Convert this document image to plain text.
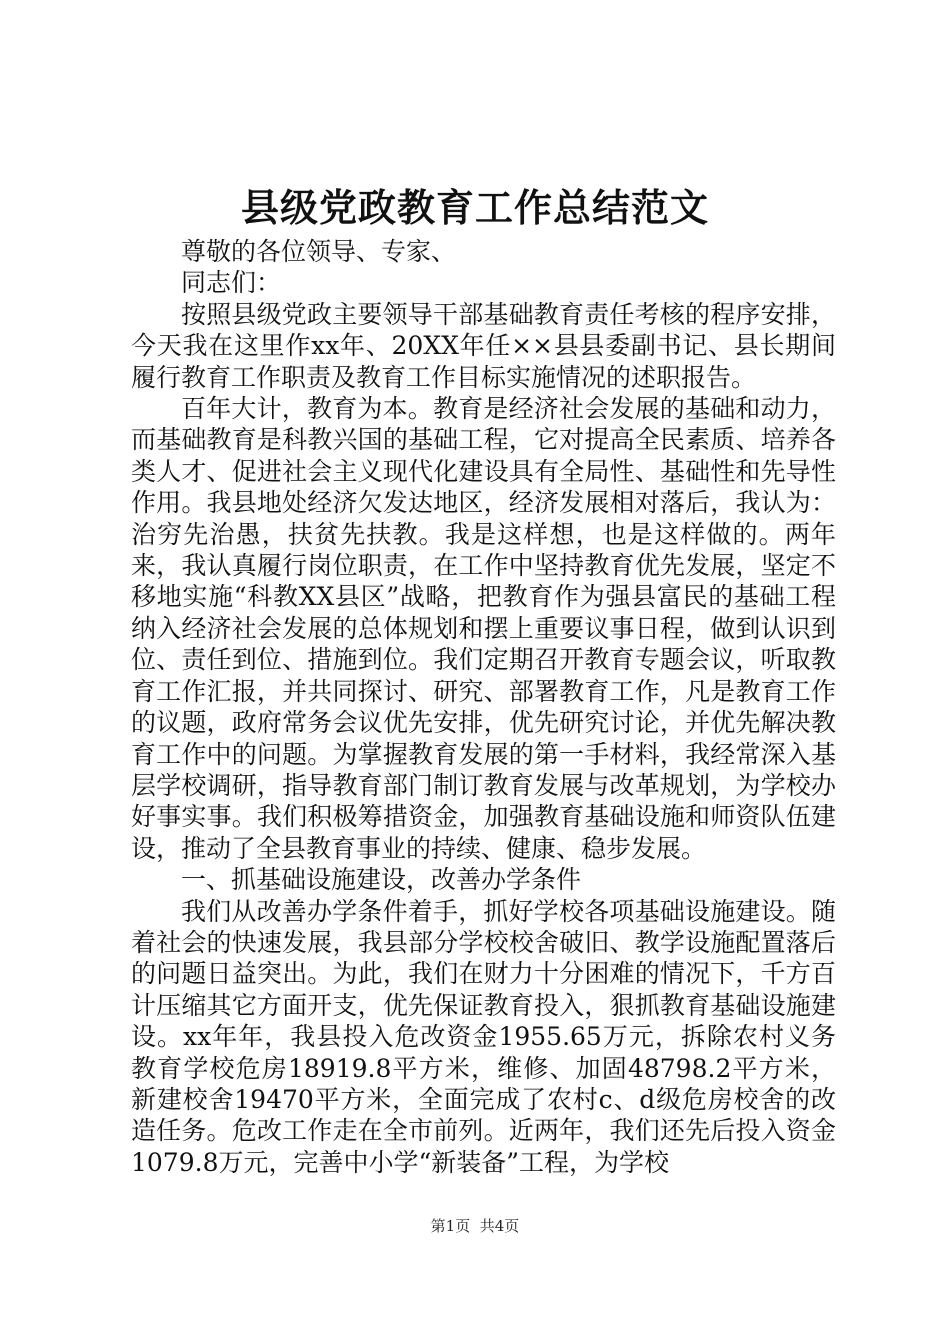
县级党政教育工作总结范文

尊敬的各位领导、专家、

同志们：

按照县级党政主要领导干部基础教育责任考核的程序安排，今天我在这里作xx年、20XX年任××县县委副书记、县长期间履行教育工作职责及教育工作目标实施情况的述职报告。

百年大计，教育为本。教育是经济社会发展的基础和动力，而基础教育是科教兴国的基础工程，它对提高全民素质、培养各类人才、促进社会主义现代化建设具有全局性、基础性和先导性作用。我县地处经济欠发达地区，经济发展相对落后，我认为：治穷先治愚，扶贫先扶教。我是这样想，也是这样做的。两年来，我认真履行岗位职责，在工作中坚持教育优先发展，坚定不移地实施“科教XX县区”战略，把教育作为强县富民的基础工程纳入经济社会发展的总体规划和摆上重要议事日程，做到认识到位、责任到位、措施到位。我们定期召开教育专题会议，听取教育工作汇报，并共同探讨、研究、部署教育工作，凡是教育工作的议题，政府常务会议优先安排，优先研究讨论，并优先解决教育工作中的问题。为掌握教育发展的第一手材料，我经常深入基层学校调研，指导教育部门制订教育发展与改革规划，为学校办好事实事。我们积极筹措资金，加强教育基础设施和师资队伍建设，推动了全县教育事业的持续、健康、稳步发展。

一、抓基础设施建设，改善办学条件

我们从改善办学条件着手，抓好学校各项基础设施建设。随着社会的快速发展，我县部分学校校舍破旧、教学设施配置落后的问题日益突出。为此，我们在财力十分困难的情况下，千方百计压缩其它方面开支，优先保证教育投入，狠抓教育基础设施建设。xx年年，我县投入危改资金1955.65万元，拆除农村义务教育学校危房18919.8平方米，维修、加固48798.2平方米，新建校舍19470平方米，全面完成了农村c、d级危房校舍的改造任务。危改工作走在全市前列。近两年，我们还先后投入资金1079.8万元，完善中小学“新装备”工程，为学校

第1页 共4页
